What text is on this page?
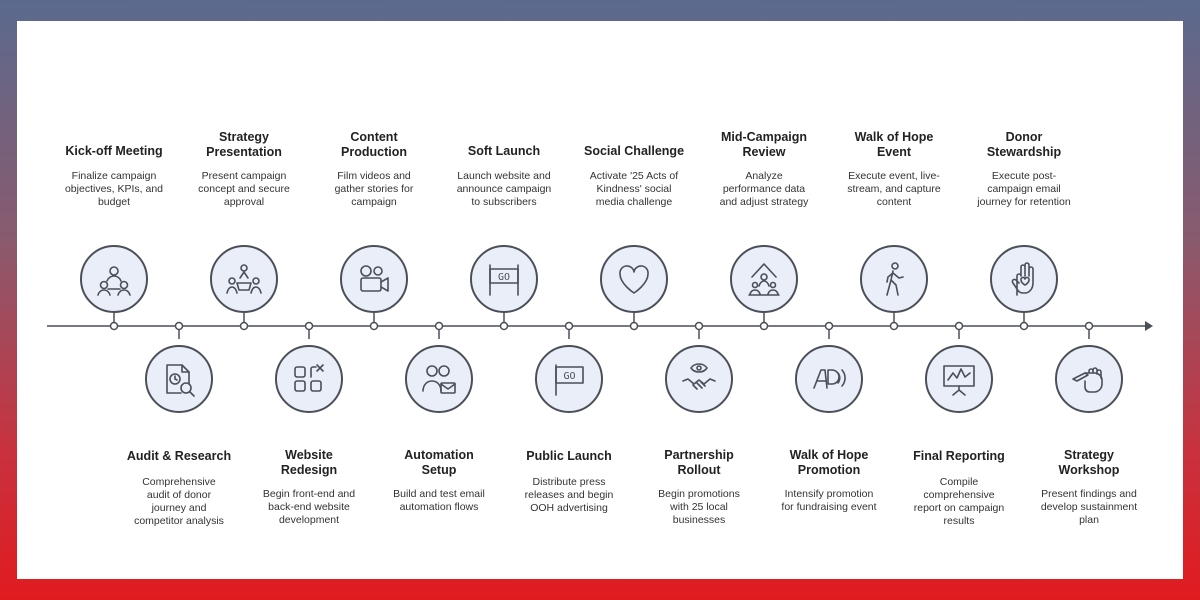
Kick-off Meeting
Finalize campaign
objectives, KPIs, and
budget
Audit & Research
Comprehensive
audit of donor
journey and
competitor analysis
Strategy
Presentation
Present campaign
concept and secure
approval
Website
Redesign
Begin front-end and
back-end website
development
Content
Production
Film videos and
gather stories for
campaign
Automation
Setup
Build and test email
automation flows
GO
Soft Launch
Launch website and
announce campaign
to subscribers
GO
Public Launch
Distribute press
releases and begin
OOH advertising
Social Challenge
Activate '25 Acts of
Kindness' social
media challenge
Partnership
Rollout
Begin promotions
with 25 local
businesses
Mid-Campaign
Review
Analyze
performance data
and adjust strategy
Walk of Hope
Promotion
Intensify promotion
for fundraising event
Walk of Hope
Event
Execute event, live-
stream, and capture
content
Final Reporting
Compile
comprehensive
report on campaign
results
Donor
Stewardship
Execute post-
campaign email
journey for retention
Strategy
Workshop
Present findings and
develop sustainment
plan
